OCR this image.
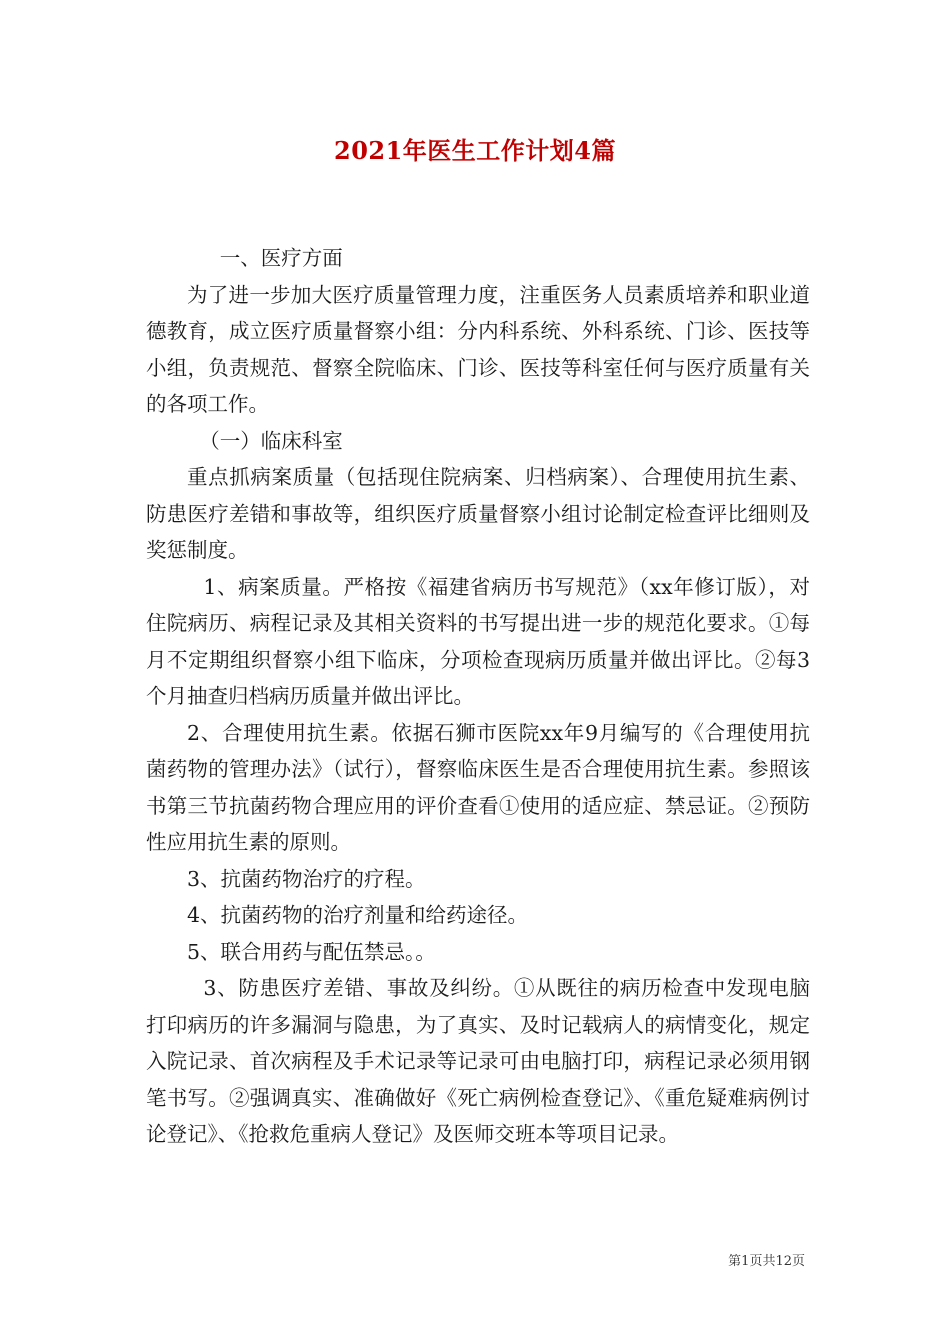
2021年医生工作计划4篇

一、医疗方面

为了进一步加大医疗质量管理力度，注重医务人员素质培养和职业道德教育，成立医疗质量督察小组：分内科系统、外科系统、门诊、医技等小组，负责规范、督察全院临床、门诊、医技等科室任何与医疗质量有关的各项工作。

（一）临床科室

重点抓病案质量（包括现住院病案、归档病案）、合理使用抗生素、防患医疗差错和事故等，组织医疗质量督察小组讨论制定检查评比细则及奖惩制度。

1、病案质量。严格按《福建省病历书写规范》（xx年修订版），对住院病历、病程记录及其相关资料的书写提出进一步的规范化要求。①每月不定期组织督察小组下临床，分项检查现病历质量并做出评比。②每3个月抽查归档病历质量并做出评比。

2、合理使用抗生素。依据石狮市医院xx年9月编写的《合理使用抗菌药物的管理办法》（试行），督察临床医生是否合理使用抗生素。参照该书第三节抗菌药物合理应用的评价查看①使用的适应症、禁忌证。②预防性应用抗生素的原则。

3、抗菌药物治疗的疗程。

4、抗菌药物的治疗剂量和给药途径。

5、联合用药与配伍禁忌。。

3、防患医疗差错、事故及纠纷。①从既往的病历检查中发现电脑打印病历的许多漏洞与隐患，为了真实、及时记载病人的病情变化，规定入院记录、首次病程及手术记录等记录可由电脑打印，病程记录必须用钢笔书写。②强调真实、准确做好《死亡病例检查登记》、《重危疑难病例讨论登记》、《抢救危重病人登记》及医师交班本等项目记录。

第1页共12页
